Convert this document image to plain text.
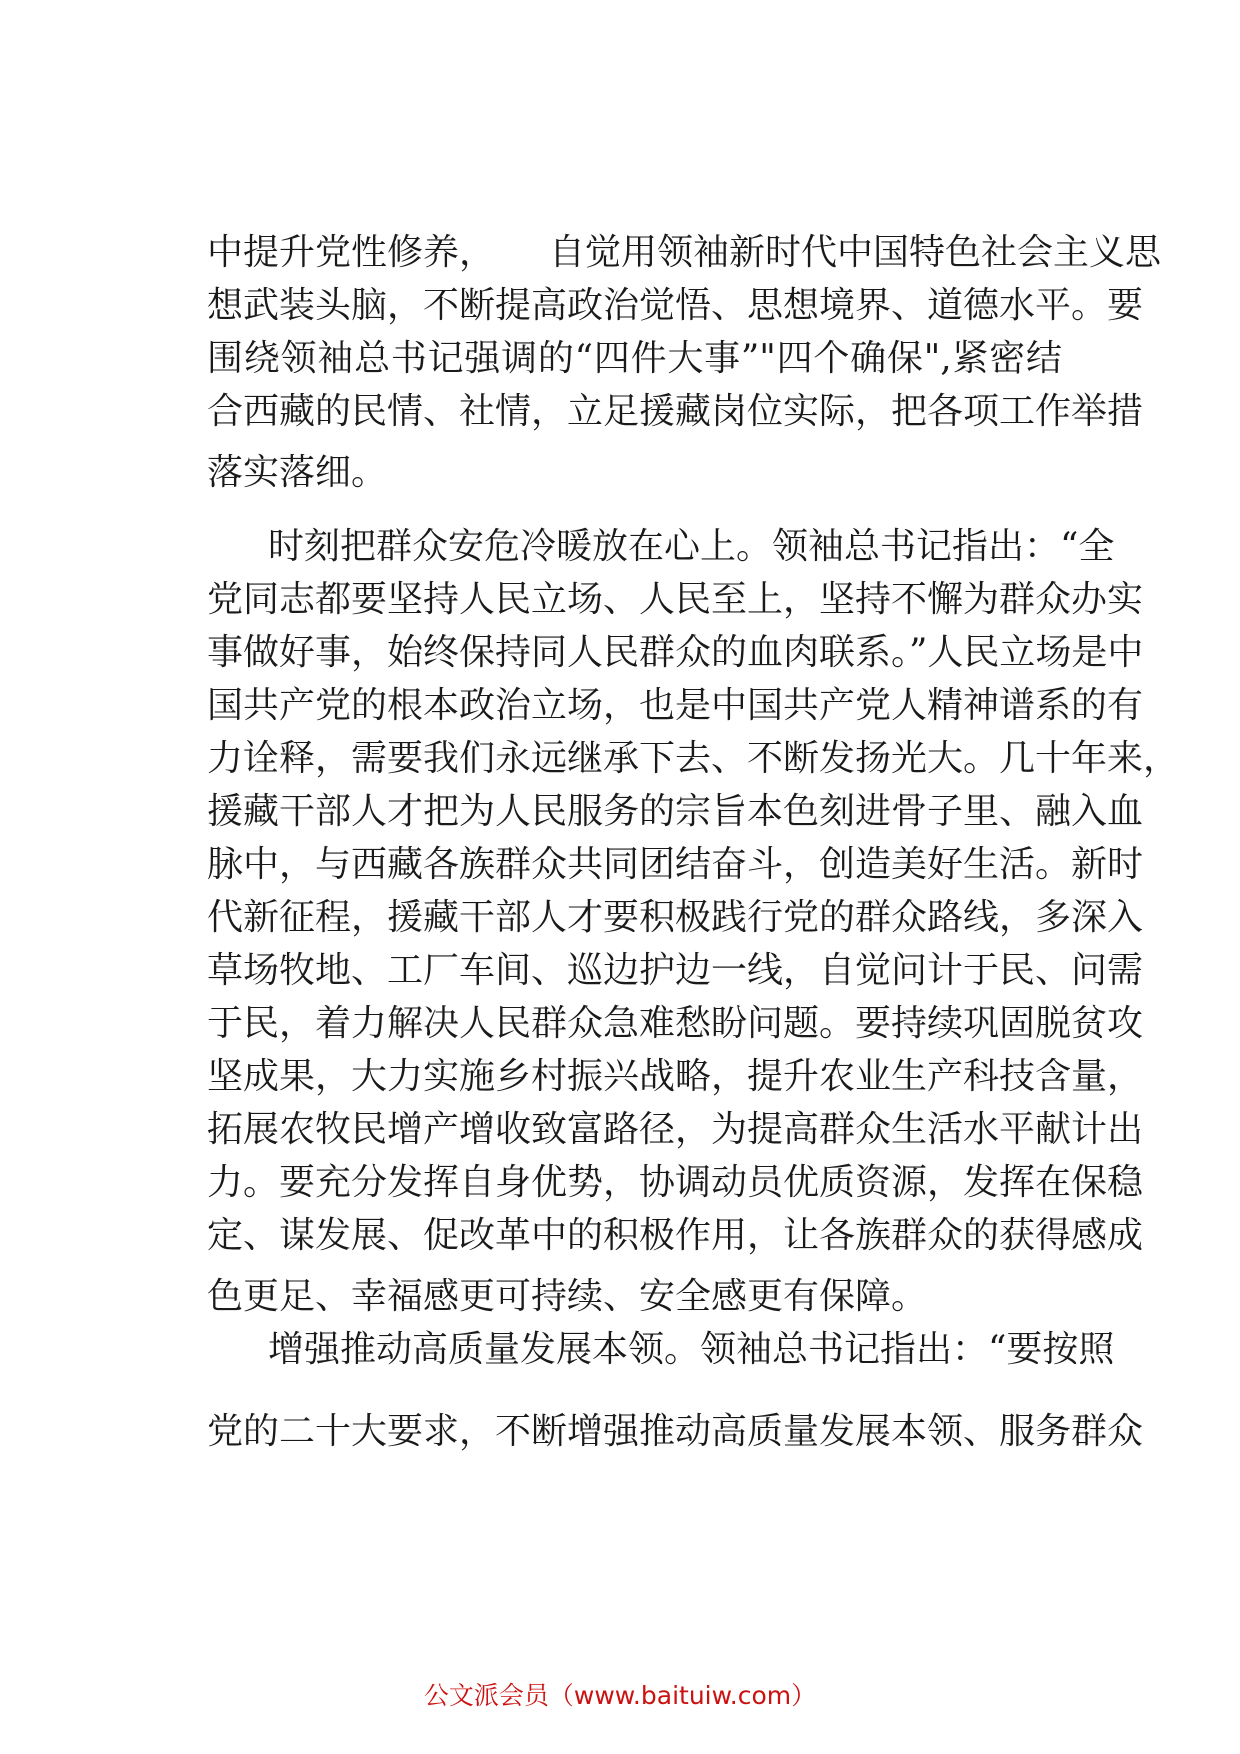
中提升党性修养，　　自觉用领袖新时代中国特色社会主义思
想武装头脑，不断提高政治觉悟、思想境界、道德水平。要
围绕领袖总书记强调的“四件大事”"四个确保",紧密结
合西藏的民情、社情，立足援藏岗位实际，把各项工作举措
落实落细。
时刻把群众安危冷暖放在心上。领袖总书记指出：“全
党同志都要坚持人民立场、人民至上，坚持不懈为群众办实
事做好事，始终保持同人民群众的血肉联系。”人民立场是中
国共产党的根本政治立场，也是中国共产党人精神谱系的有
力诠释，需要我们永远继承下去、不断发扬光大。几十年来，
援藏干部人才把为人民服务的宗旨本色刻进骨子里、融入血
脉中，与西藏各族群众共同团结奋斗，创造美好生活。新时
代新征程，援藏干部人才要积极践行党的群众路线，多深入
草场牧地、工厂车间、巡边护边一线，自觉问计于民、问需
于民，着力解决人民群众急难愁盼问题。要持续巩固脱贫攻
坚成果，大力实施乡村振兴战略，提升农业生产科技含量，
拓展农牧民增产增收致富路径，为提高群众生活水平献计出
力。要充分发挥自身优势，协调动员优质资源，发挥在保稳
定、谋发展、促改革中的积极作用，让各族群众的获得感成
色更足、幸福感更可持续、安全感更有保障。
增强推动高质量发展本领。领袖总书记指出：“要按照
党的二十大要求，不断增强推动高质量发展本领、服务群众
公文派会员（www.baituiw.com）
